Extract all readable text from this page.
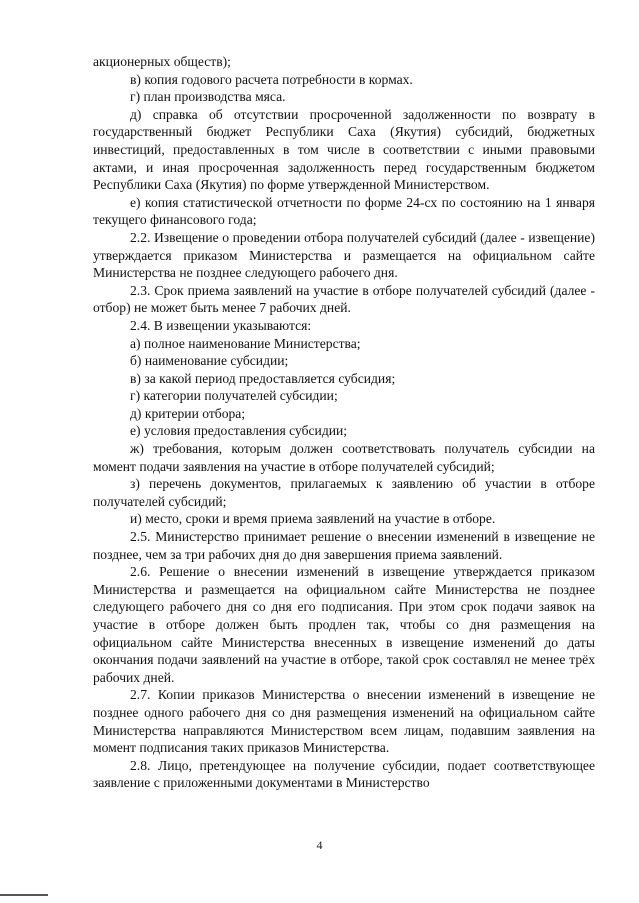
акционерных обществ);

в) копия годового расчета потребности в кормах.

г) план производства мяса.

д) справка об отсутствии просроченной задолженности по возврату в государственный бюджет Республики Саха (Якутия) субсидий, бюджетных инвестиций, предоставленных в том числе в соответствии с иными правовыми актами, и иная просроченная задолженность перед государственным бюджетом Республики Саха (Якутия) по форме утвержденной Министерством.

е) копия статистической отчетности по форме 24-сх по состоянию на 1 января текущего финансового года;

2.2. Извещение о проведении отбора получателей субсидий (далее - извещение) утверждается приказом Министерства и размещается на официальном сайте Министерства не позднее следующего рабочего дня.

2.3. Срок приема заявлений на участие в отборе получателей субсидий (далее - отбор) не может быть менее 7 рабочих дней.

2.4. В извещении указываются:

а) полное наименование Министерства;

б) наименование субсидии;

в) за какой период предоставляется субсидия;

г) категории получателей субсидии;

д) критерии отбора;

е) условия предоставления субсидии;

ж) требования, которым должен соответствовать получатель субсидии на момент подачи заявления на участие в отборе получателей субсидий;

з) перечень документов, прилагаемых к заявлению об участии в отборе получателей субсидий;

и) место, сроки и время приема заявлений на участие в отборе.

2.5. Министерство принимает решение о внесении изменений в извещение не позднее, чем за три рабочих дня до дня завершения приема заявлений.

2.6. Решение о внесении изменений в извещение утверждается приказом Министерства и размещается на официальном сайте Министерства не позднее следующего рабочего дня со дня его подписания. При этом срок подачи заявок на участие в отборе должен быть продлен так, чтобы со дня размещения на официальном сайте Министерства внесенных в извещение изменений до даты окончания подачи заявлений на участие в отборе, такой срок составлял не менее трёх рабочих дней.

2.7. Копии приказов Министерства о внесении изменений в извещение не позднее одного рабочего дня со дня размещения изменений на официальном сайте Министерства направляются Министерством всем лицам, подавшим заявления на момент подписания таких приказов Министерства.

2.8. Лицо, претендующее на получение субсидии, подает соответствующее заявление с приложенными документами в Министерство

4
